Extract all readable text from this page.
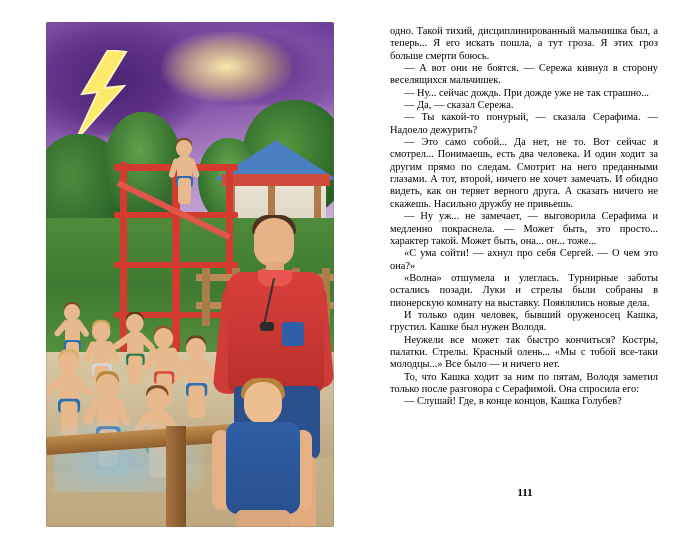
одно. Такой тихий, дисциплинированный мальчишка был, а теперь... Я его искать пошла, а тут гроза. Я этих гроз больше смерти боюсь.

— А вот они не боятся. — Сережа кивнул в сторону веселящихся мальчишек.

— Ну... сейчас дождь. При дожде уже не так страшно...

— Да, — сказал Сережа.

— Ты какой-то понурый, — сказала Серафима. — Надоело дежурить?

— Это само собой... Да нет, не то. Вот сейчас я смотрел... Понимаешь, есть два человека. И один ходит за другим прямо по следам. Смотрит на него преданными глазами. А тот, второй, ничего не хочет замечать. И обидно видеть, как он теряет верного друга. А сказать ничего не скажешь. Насильно дружбу не привьешь.

— Ну уж... не замечает, — выговорила Серафима и медленно покраснела. — Может быть, это просто... характер такой. Может быть, она... он... тоже...

«С ума сойти! — ахнул про себя Сергей. — О чем это она?»

«Волна» отшумела и улеглась. Турнирные заботы остались позади. Луки и стрелы были собраны в пионерскую комнату на выставку. Появлялись новые дела.

И только один человек, бывший оруженосец Кашка, грустил. Кашке был нужен Володя.

Неужели все может так быстро кончиться? Костры, палатки. Стрелы. Красный олень... «Мы с тобой все-таки молодцы...» Все было — и ничего нет.

То, что Кашка ходит за ним по пятам, Володя заметил только после разговора с Серафимой. Она спросила его:

— Слушай! Где, в конце концов, Кашка Голубев?

111
